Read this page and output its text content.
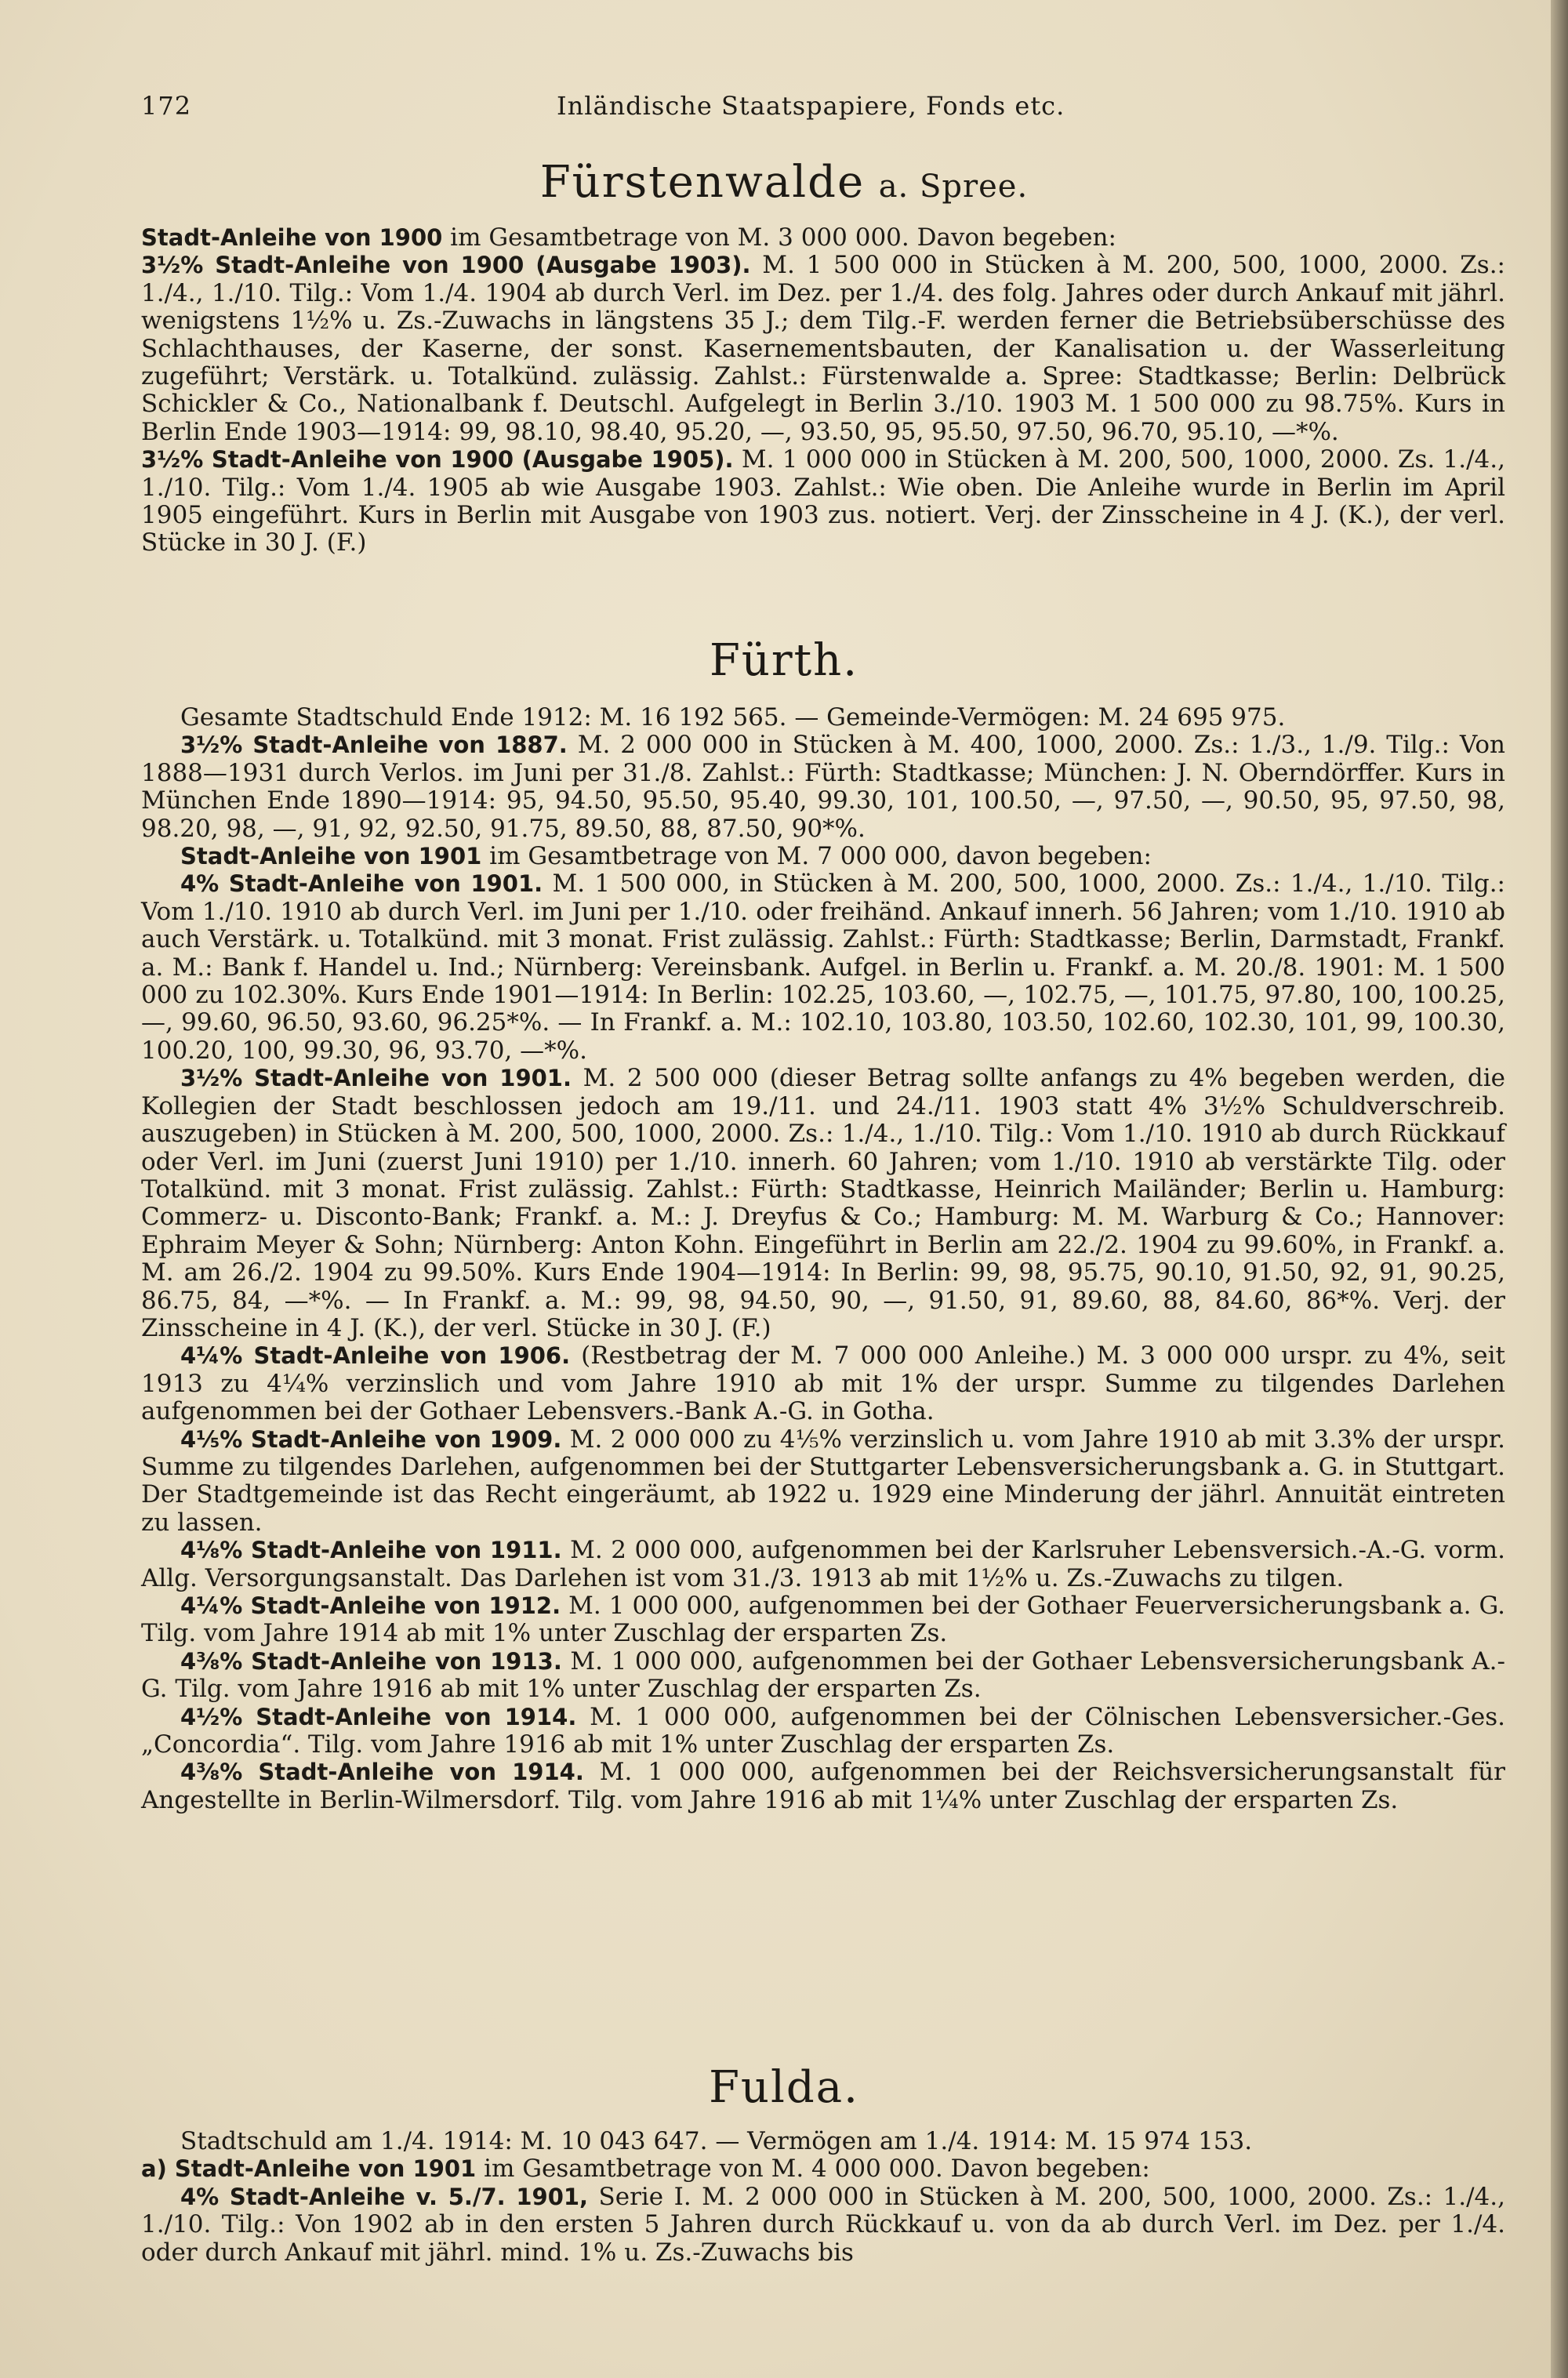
172	Inländische Staatspapiere, Fonds etc.
Fürstenwalde a. Spree.

Stadt-Anleihe von 1900 im Gesamtbetrage von M. 3 000 000. Davon begeben:

3½% Stadt-Anleihe von 1900 (Ausgabe 1903). M. 1 500 000 in Stücken à M. 200, 500, 1000, 2000. Zs.: 1./4., 1./10. Tilg.: Vom 1./4. 1904 ab durch Verl. im Dez. per 1./4. des folg. Jahres oder durch Ankauf mit jährl. wenigstens 1½% u. Zs.-Zuwachs in längstens 35 J.; dem Tilg.-F. werden ferner die Betriebsüberschüsse des Schlachthauses, der Kaserne, der sonst. Kasernementsbauten, der Kanalisation u. der Wasserleitung zugeführt; Verstärk. u. Totalkünd. zulässig. Zahlst.: Fürstenwalde a. Spree: Stadtkasse; Berlin: Delbrück Schickler & Co., Nationalbank f. Deutschl. Aufgelegt in Berlin 3./10. 1903 M. 1 500 000 zu 98.75%. Kurs in Berlin Ende 1903—1914: 99, 98.10, 98.40, 95.20, —, 93.50, 95, 95.50, 97.50, 96.70, 95.10, —*%.

3½% Stadt-Anleihe von 1900 (Ausgabe 1905). M. 1 000 000 in Stücken à M. 200, 500, 1000, 2000. Zs. 1./4., 1./10. Tilg.: Vom 1./4. 1905 ab wie Ausgabe 1903. Zahlst.: Wie oben. Die Anleihe wurde in Berlin im April 1905 eingeführt. Kurs in Berlin mit Ausgabe von 1903 zus. notiert. Verj. der Zinsscheine in 4 J. (K.), der verl. Stücke in 30 J. (F.)

Fürth.

Gesamte Stadtschuld Ende 1912: M. 16 192 565. — Gemeinde-Vermögen: M. 24 695 975.

3½% Stadt-Anleihe von 1887. M. 2 000 000 in Stücken à M. 400, 1000, 2000. Zs.: 1./3., 1./9. Tilg.: Von 1888—1931 durch Verlos. im Juni per 31./8. Zahlst.: Fürth: Stadtkasse; München: J. N. Oberndörffer. Kurs in München Ende 1890—1914: 95, 94.50, 95.50, 95.40, 99.30, 101, 100.50, —, 97.50, —, 90.50, 95, 97.50, 98, 98.20, 98, —, 91, 92, 92.50, 91.75, 89.50, 88, 87.50, 90*%.

Stadt-Anleihe von 1901 im Gesamtbetrage von M. 7 000 000, davon begeben:

4% Stadt-Anleihe von 1901. M. 1 500 000, in Stücken à M. 200, 500, 1000, 2000. Zs.: 1./4., 1./10. Tilg.: Vom 1./10. 1910 ab durch Verl. im Juni per 1./10. oder freihänd. Ankauf innerh. 56 Jahren; vom 1./10. 1910 ab auch Verstärk. u. Totalkünd. mit 3 monat. Frist zulässig. Zahlst.: Fürth: Stadtkasse; Berlin, Darmstadt, Frankf. a. M.: Bank f. Handel u. Ind.; Nürnberg: Vereinsbank. Aufgel. in Berlin u. Frankf. a. M. 20./8. 1901: M. 1 500 000 zu 102.30%. Kurs Ende 1901—1914: In Berlin: 102.25, 103.60, —, 102.75, —, 101.75, 97.80, 100, 100.25, —, 99.60, 96.50, 93.60, 96.25*%. — In Frankf. a. M.: 102.10, 103.80, 103.50, 102.60, 102.30, 101, 99, 100.30, 100.20, 100, 99.30, 96, 93.70, —*%.

3½% Stadt-Anleihe von 1901. M. 2 500 000 (dieser Betrag sollte anfangs zu 4% begeben werden, die Kollegien der Stadt beschlossen jedoch am 19./11. und 24./11. 1903 statt 4% 3½% Schuldverschreib. auszugeben) in Stücken à M. 200, 500, 1000, 2000. Zs.: 1./4., 1./10. Tilg.: Vom 1./10. 1910 ab durch Rückkauf oder Verl. im Juni (zuerst Juni 1910) per 1./10. innerh. 60 Jahren; vom 1./10. 1910 ab verstärkte Tilg. oder Totalkünd. mit 3 monat. Frist zulässig. Zahlst.: Fürth: Stadtkasse, Heinrich Mailänder; Berlin u. Hamburg: Commerz- u. Disconto-Bank; Frankf. a. M.: J. Dreyfus & Co.; Hamburg: M. M. Warburg & Co.; Hannover: Ephraim Meyer & Sohn; Nürnberg: Anton Kohn. Eingeführt in Berlin am 22./2. 1904 zu 99.60%, in Frankf. a. M. am 26./2. 1904 zu 99.50%. Kurs Ende 1904—1914: In Berlin: 99, 98, 95.75, 90.10, 91.50, 92, 91, 90.25, 86.75, 84, —*%. — In Frankf. a. M.: 99, 98, 94.50, 90, —, 91.50, 91, 89.60, 88, 84.60, 86*%. Verj. der Zinsscheine in 4 J. (K.), der verl. Stücke in 30 J. (F.)

4¼% Stadt-Anleihe von 1906. (Restbetrag der M. 7 000 000 Anleihe.) M. 3 000 000 urspr. zu 4%, seit 1913 zu 4¼% verzinslich und vom Jahre 1910 ab mit 1% der urspr. Summe zu tilgendes Darlehen aufgenommen bei der Gothaer Lebensvers.-Bank A.-G. in Gotha.

4⅕% Stadt-Anleihe von 1909. M. 2 000 000 zu 4⅕% verzinslich u. vom Jahre 1910 ab mit 3.3% der urspr. Summe zu tilgendes Darlehen, aufgenommen bei der Stuttgarter Lebensversicherungsbank a. G. in Stuttgart. Der Stadtgemeinde ist das Recht eingeräumt, ab 1922 u. 1929 eine Minderung der jährl. Annuität eintreten zu lassen.

4⅛% Stadt-Anleihe von 1911. M. 2 000 000, aufgenommen bei der Karlsruher Lebensversich.-A.-G. vorm. Allg. Versorgungsanstalt. Das Darlehen ist vom 31./3. 1913 ab mit 1½% u. Zs.-Zuwachs zu tilgen.

4¼% Stadt-Anleihe von 1912. M. 1 000 000, aufgenommen bei der Gothaer Feuerversicherungsbank a. G. Tilg. vom Jahre 1914 ab mit 1% unter Zuschlag der ersparten Zs.

4⅜% Stadt-Anleihe von 1913. M. 1 000 000, aufgenommen bei der Gothaer Lebensversicherungsbank A.-G. Tilg. vom Jahre 1916 ab mit 1% unter Zuschlag der ersparten Zs.

4½% Stadt-Anleihe von 1914. M. 1 000 000, aufgenommen bei der Cölnischen Lebensversicher.-Ges. „Concordia“. Tilg. vom Jahre 1916 ab mit 1% unter Zuschlag der ersparten Zs.

4⅜% Stadt-Anleihe von 1914. M. 1 000 000, aufgenommen bei der Reichsversicherungsanstalt für Angestellte in Berlin-Wilmersdorf. Tilg. vom Jahre 1916 ab mit 1¼% unter Zuschlag der ersparten Zs.

Fulda.

Stadtschuld am 1./4. 1914: M. 10 043 647. — Vermögen am 1./4. 1914: M. 15 974 153.

a) Stadt-Anleihe von 1901 im Gesamtbetrage von M. 4 000 000. Davon begeben:

4% Stadt-Anleihe v. 5./7. 1901, Serie I. M. 2 000 000 in Stücken à M. 200, 500, 1000, 2000. Zs.: 1./4., 1./10. Tilg.: Von 1902 ab in den ersten 5 Jahren durch Rückkauf u. von da ab durch Verl. im Dez. per 1./4. oder durch Ankauf mit jährl. mind. 1% u. Zs.-Zuwachs bis
